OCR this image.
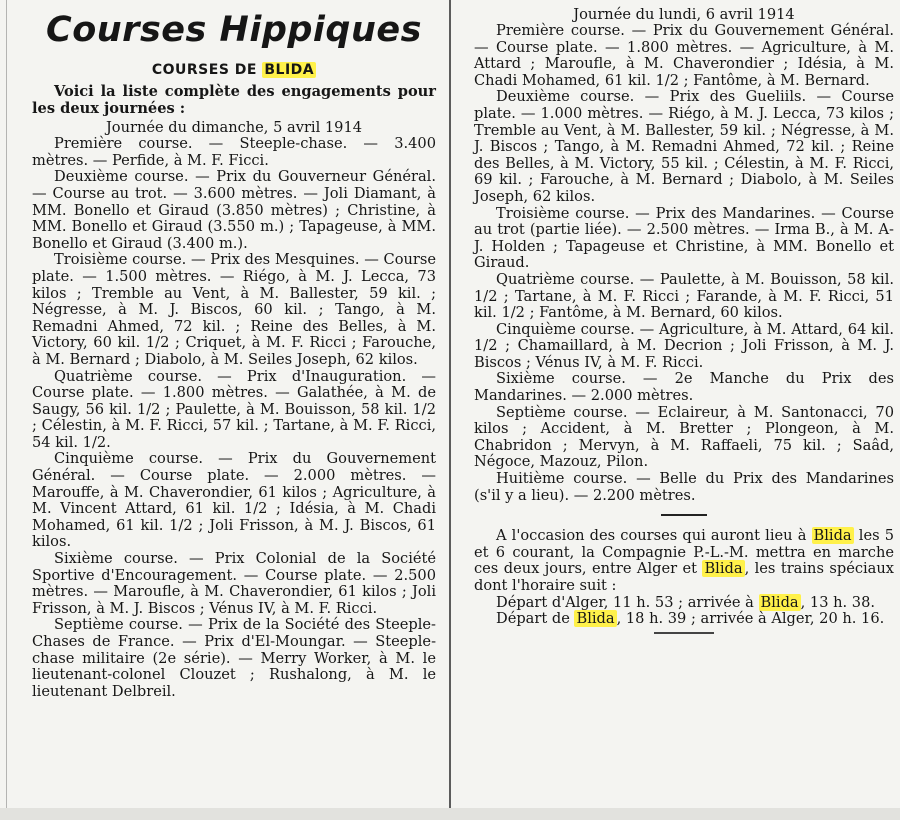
Courses Hippiques
COURSES DE BLIDA

Voici la liste complète des engagements pour les deux journées :

Journée du dimanche, 5 avril 1914

Première course. — Steeple-chase. — 3.400 mètres. — Perfide, à M. F. Ficci.

Deuxième course. — Prix du Gouverneur Général. — Course au trot. — 3.600 mètres. — Joli Diamant, à MM. Bonello et Giraud (3.850 mètres) ; Christine, à MM. Bonello et Giraud (3.550 m.) ; Tapageuse, à MM. Bonello et Giraud (3.400 m.).

Troisième course. — Prix des Mesquines. — Course plate. — 1.500 mètres. — Riégo, à M. J. Lecca, 73 kilos ; Tremble au Vent, à M. Ballester, 59 kil. ; Négresse, à M. J. Biscos, 60 kil. ; Tango, à M. Remadni Ahmed, 72 kil. ; Reine des Belles, à M. Victory, 60 kil. 1/2 ; Criquet, à M. F. Ricci ; Farouche, à M. Bernard ; Diabolo, à M. Seiles Joseph, 62 kilos.

Quatrième course. — Prix d'Inauguration. — Course plate. — 1.800 mètres. — Galathée, à M. de Saugy, 56 kil. 1/2 ; Paulette, à M. Bouisson, 58 kil. 1/2 ; Célestin, à M. F. Ricci, 57 kil. ; Tartane, à M. F. Ricci, 54 kil. 1/2.

Cinquième course. — Prix du Gouvernement Général. — Course plate. — 2.000 mètres. — Marouffe, à M. Chaverondier, 61 kilos ; Agriculture, à M. Vincent Attard, 61 kil. 1/2 ; Idésia, à M. Chadi Mohamed, 61 kil. 1/2 ; Joli Frisson, à M. J. Biscos, 61 kilos.

Sixième course. — Prix Colonial de la Société Sportive d'Encouragement. — Course plate. — 2.500 mètres. — Maroufle, à M. Chaverondier, 61 kilos ; Joli Frisson, à M. J. Biscos ; Vénus IV, à M. F. Ricci.

Septième course. — Prix de la Société des Steeple-Chases de France. — Prix d'El-Moungar. — Steeple-chase militaire (2e série). — Merry Worker, à M. le lieutenant-colonel Clouzet ; Rushalong, à M. le lieutenant Delbreil.

Journée du lundi, 6 avril 1914

Première course. — Prix du Gouvernement Général. — Course plate. — 1.800 mètres. — Agriculture, à M. Attard ; Maroufle, à M. Chaverondier ; Idésia, à M. Chadi Mohamed, 61 kil. 1/2 ; Fantôme, à M. Bernard.

Deuxième course. — Prix des Gueliils. — Course plate. — 1.000 mètres. — Riégo, à M. J. Lecca, 73 kilos ; Tremble au Vent, à M. Ballester, 59 kil. ; Négresse, à M. J. Biscos ; Tango, à M. Remadni Ahmed, 72 kil. ; Reine des Belles, à M. Victory, 55 kil. ; Célestin, à M. F. Ricci, 69 kil. ; Farouche, à M. Bernard ; Diabolo, à M. Seiles Joseph, 62 kilos.

Troisième course. — Prix des Mandarines. — Course au trot (partie liée). — 2.500 mètres. — Irma B., à M. A-J. Holden ; Tapageuse et Christine, à MM. Bonello et Giraud.

Quatrième course. — Paulette, à M. Bouisson, 58 kil. 1/2 ; Tartane, à M. F. Ricci ; Farande, à M. F. Ricci, 51 kil. 1/2 ; Fantôme, à M. Bernard, 60 kilos.

Cinquième course. — Agriculture, à M. Attard, 64 kil. 1/2 ; Chamaillard, à M. Decrion ; Joli Frisson, à M. J. Biscos ; Vénus IV, à M. F. Ricci.

Sixième course. — 2e Manche du Prix des Mandarines. — 2.000 mètres.

Septième course. — Eclaireur, à M. Santonacci, 70 kilos ; Accident, à M. Bretter ; Plongeon, à M. Chabridon ; Mervyn, à M. Raffaeli, 75 kil. ; Saâd, Négoce, Mazouz, Pilon.

Huitième course. — Belle du Prix des Mandarines (s'il y a lieu). — 2.200 mètres.

A l'occasion des courses qui auront lieu à Blida les 5 et 6 courant, la Compagnie P.-L.-M. mettra en marche ces deux jours, entre Alger et Blida , les trains spéciaux dont l'horaire suit :

Départ d'Alger, 11 h. 53 ; arrivée à Blida , 13 h. 38.

Départ de Blida , 18 h. 39 ; arrivée à Alger, 20 h. 16.
